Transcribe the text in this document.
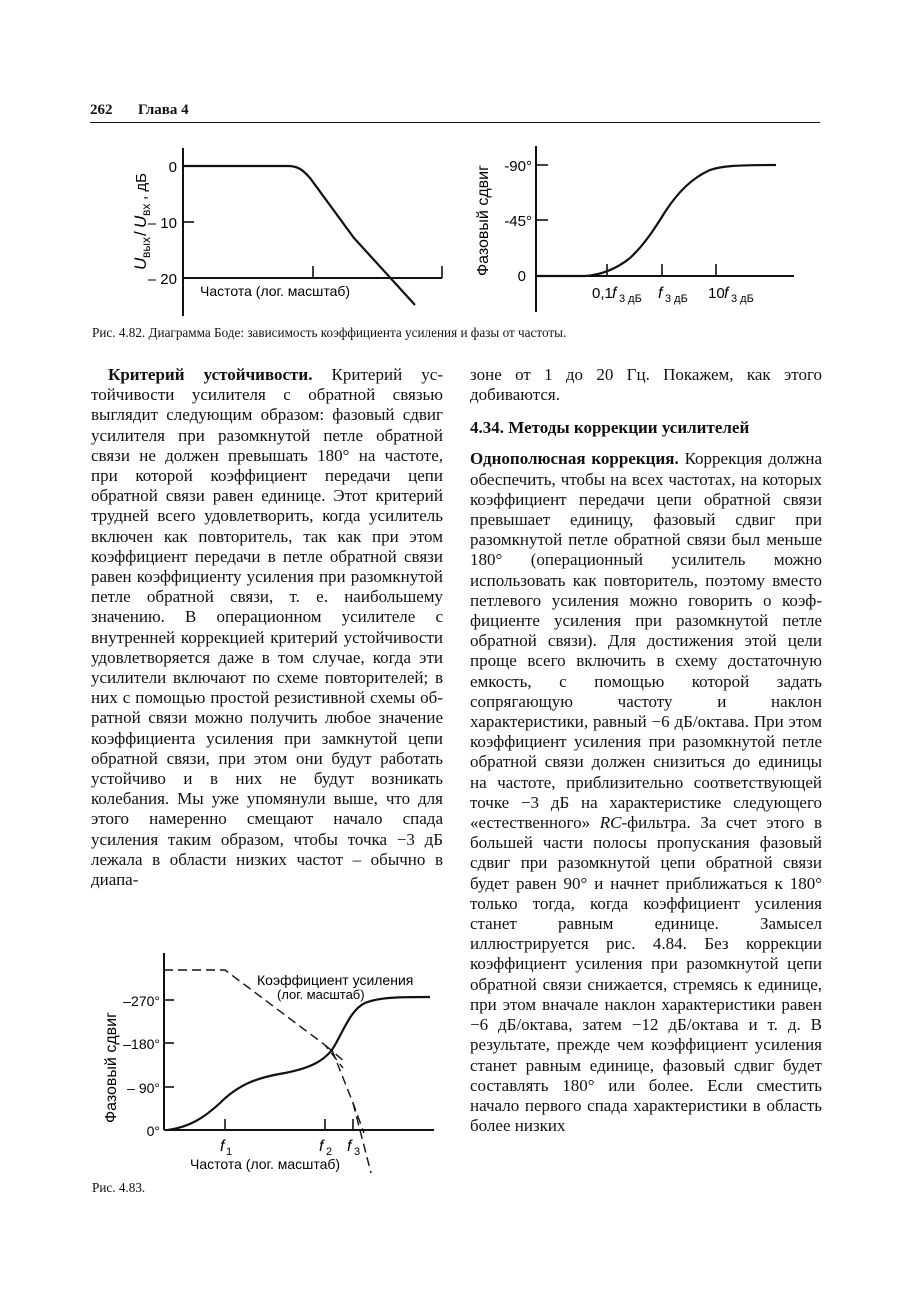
262 Глава 4
U
вых
/
U
вх
, дБ
0
– 10
– 20
Частота (лог. масштаб)
Фазовый сдвиг -90°
-45°
0
0,1 f 3 дБ f 3 дБ 10 f 3 дБ
Рис. 4.82. Диаграмма Боде: зависимость коэффициента усиления и фазы от частоты.

Критерий устойчивости. Критерий устойчивости усилителя с обратной связью выглядит следующим образом: фазовый сдвиг усилителя при разомкнутой петле обратной связи не должен превышать 180° на частоте, при которой коэффициент передачи цепи обратной связи равен единице. Этот критерий трудней всего удовлетворить, когда усилитель включен как повторитель, так как при этом коэффициент передачи в петле обратной связи равен коэффициенту усиления при разомкнутой петле обратной связи, т. е. наибольшему значению. В операционном усилителе с внутренней коррекцией критерий устойчивости удовлетворяется даже в том случае, когда эти усилители включают по схеме повторителей; в них с помощью простой резистивной схемы обратной связи можно получить любое значение коэффициента усиления при замкнутой цепи обратной связи, при этом они будут работать устойчиво и в них не будут возникать колебания. Мы уже упомянули выше, что для этого намеренно смещают начало спада усиления таким образом, чтобы точка −3 дБ лежала в области низких частот – обычно в диапа-

Фазовый сдвиг
–270°
–180°
– 90°
0°
Коэффициент усиления
(лог. масштаб)
f 1	f 2 f 3
Частота (лог. масштаб)
Рис. 4.83.

зоне от 1 до 20 Гц. Покажем, как этого добиваются.

4.34. Методы коррекции усилителей

Однополюсная коррекция. Коррекция должна обеспечить, чтобы на всех частотах, на которых коэффициент передачи цепи обратной связи превышает единицу, фазовый сдвиг при разомкнутой петле обратной связи был меньше 180° (операционный усилитель можно использовать как повторитель, поэтому вместо петлевого усиления можно говорить о коэффициенте усиления при разомкнутой петле обратной связи). Для достижения этой цели проще всего включить в схему достаточную емкость, с помощью которой задать сопрягающую частоту и наклон характеристики, равный −6 дБ/октава. При этом коэффициент усиления при разомкнутой петле обратной связи должен снизиться до единицы на частоте, приблизительно соответствующей точке −3 дБ на характеристике следующего «естественного» RC-фильтра. За счет этого в большей части полосы пропускания фазовый сдвиг при разомкнутой цепи обратной связи будет равен 90° и начнет приближаться к 180° только тогда, когда коэффициент усиления станет равным единице. Замысел иллюстрируется рис. 4.84. Без коррекции коэффициент усиления при разомкнутой цепи обратной связи снижается, стремясь к единице, при этом вначале наклон характеристики равен −6 дБ/октава, затем −12 дБ/октава и т. д. В результате, прежде чем коэффициент усиления станет равным единице, фазовый сдвиг будет составлять 180° или более. Если сместить начало первого спада характеристики в область более низких
